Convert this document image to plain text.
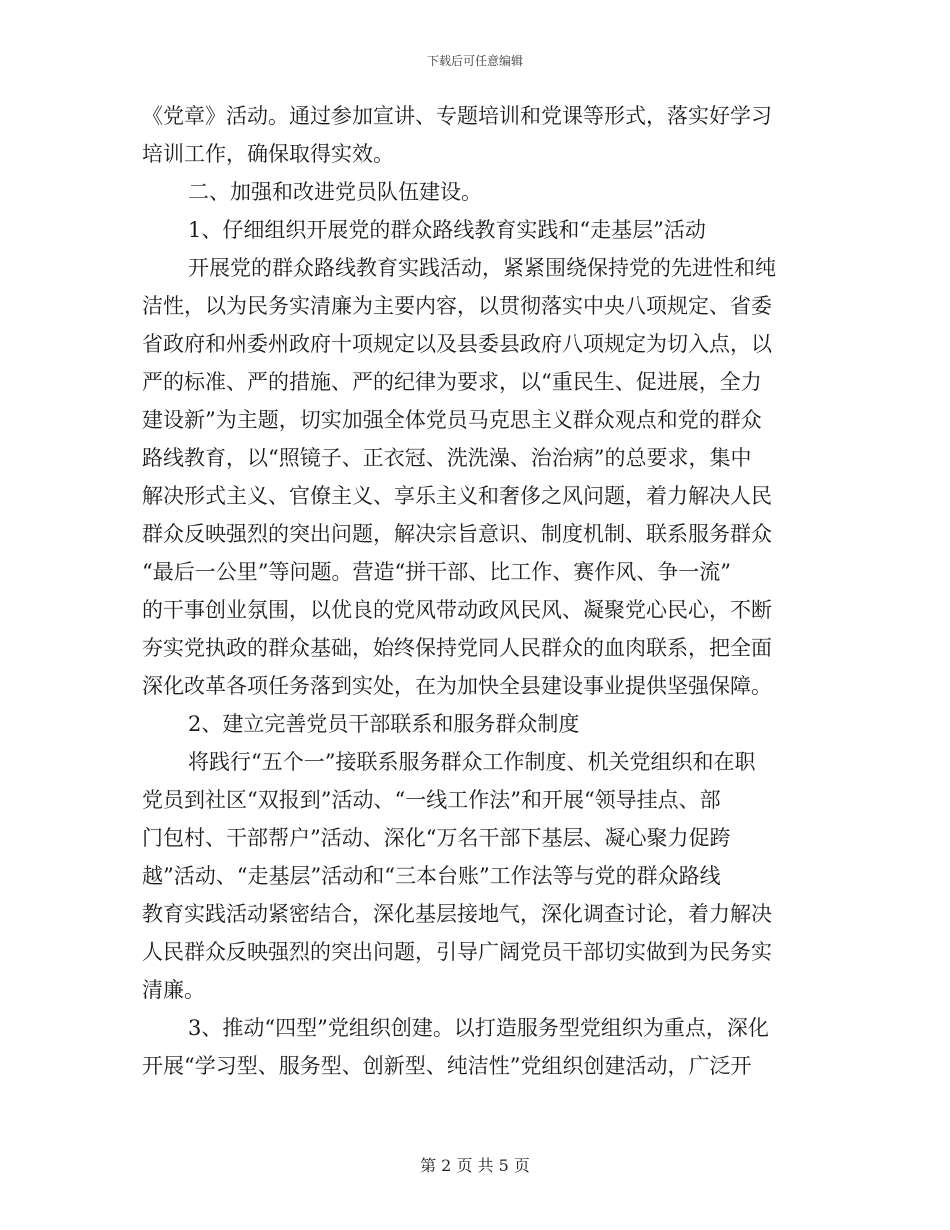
下载后可任意编辑
《党章》活动。通过参加宣讲、专题培训和党课等形式，落实好学习
培训工作，确保取得实效。
二、加强和改进党员队伍建设。
1、仔细组织开展党的群众路线教育实践和“走基层”活动
开展党的群众路线教育实践活动，紧紧围绕保持党的先进性和纯
洁性，以为民务实清廉为主要内容，以贯彻落实中央八项规定、省委
省政府和州委州政府十项规定以及县委县政府八项规定为切入点，以
严的标准、严的措施、严的纪律为要求，以“重民生、促进展，全力
建设新”为主题，切实加强全体党员马克思主义群众观点和党的群众
路线教育，以“照镜子、正衣冠、洗洗澡、治治病”的总要求，集中
解决形式主义、官僚主义、享乐主义和奢侈之风问题，着力解决人民
群众反映强烈的突出问题，解决宗旨意识、制度机制、联系服务群众
“最后一公里”等问题。营造“拼干部、比工作、赛作风、争一流”
的干事创业氛围，以优良的党风带动政风民风、凝聚党心民心，不断
夯实党执政的群众基础，始终保持党同人民群众的血肉联系，把全面
深化改革各项任务落到实处，在为加快全县建设事业提供坚强保障。
2、建立完善党员干部联系和服务群众制度
将践行“五个一”接联系服务群众工作制度、机关党组织和在职
党员到社区“双报到”活动、“一线工作法”和开展“领导挂点、部
门包村、干部帮户”活动、深化“万名干部下基层、凝心聚力促跨
越”活动、“走基层”活动和“三本台账”工作法等与党的群众路线
教育实践活动紧密结合，深化基层接地气，深化调查讨论，着力解决
人民群众反映强烈的突出问题，引导广阔党员干部切实做到为民务实
清廉。
3、推动“四型”党组织创建。以打造服务型党组织为重点，深化
开展“学习型、服务型、创新型、纯洁性”党组织创建活动，广泛开
第 2 页 共 5 页
